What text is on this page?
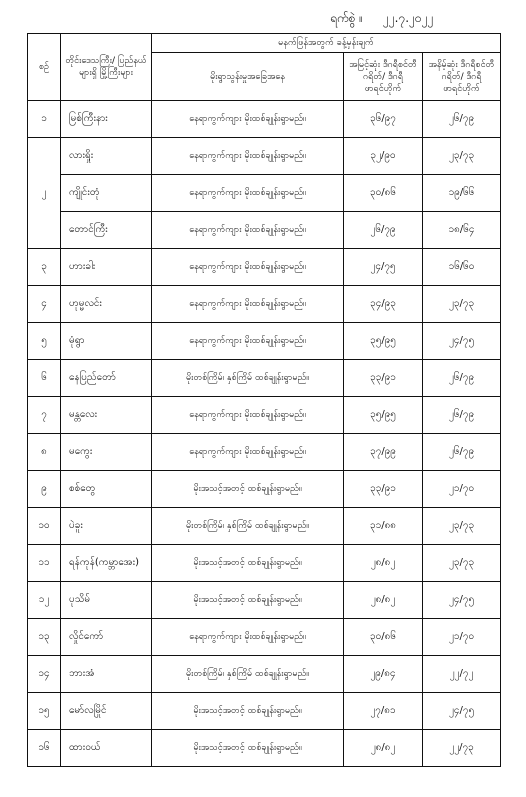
ရက်စွဲ ။ ၂၂.၇.၂၀၂၂
စဉ်	တိုင်းဒေသကြီး/ ပြည်နယ်များရှိ မြို့ကြီးများ	မနက်ဖြန်အတွက် ခန့်မှန်းချက်		
		မိုးရွာသွန်းမှုအခြေအနေ	အမြင့်ဆုံး ဒီဂရီစင်တီဂရိတ်/ ဒီဂရီဖာရင်ဟိုက်	အနိမ့်ဆုံး ဒီဂရီစင်တီဂရိတ်/ ဒီဂရီဖာရင်ဟိုက်
၁	မြစ်ကြီးနား	နေရာကွက်ကျား မိုးထစ်ချုန်းရွာမည်။	၃၆/၉၇	၂၆/၇၉
၂	လားရှိုး	နေရာကွက်ကျား မိုးထစ်ချုန်းရွာမည်။	၃၂/၉၀	၂၃/၇၃
	ကျိုင်းတုံ	နေရာကွက်ကျား မိုးထစ်ချုန်းရွာမည်။	၃၀/၈၆	၁၉/၆၆
	တောင်ကြီး	နေရာကွက်ကျား မိုးထစ်ချုန်းရွာမည်။	၂၆/၇၉	၁၈/၆၄
၃	ဟားခါး	နေရာကွက်ကျား မိုးထစ်ချုန်းရွာမည်။	၂၄/၇၅	၁၆/၆၀
၄	ဟုမ္မလင်း	နေရာကွက်ကျား မိုးထစ်ချုန်းရွာမည်။	၃၄/၉၃	၂၃/၇၃
၅	မုံရွာ	နေရာကွက်ကျား မိုးထစ်ချုန်းရွာမည်။	၃၅/၉၅	၂၄/၇၅
၆	နေပြည်တော်	မိုးတစ်ကြိမ်၊ နှစ်ကြိမ် ထစ်ချုန်းရွာမည်။	၃၃/၉၁	၂၆/၇၉
၇	မန္တလေး	နေရာကွက်ကျား မိုးထစ်ချုန်းရွာမည်။	၃၅/၉၅	၂၆/၇၉
၈	မကွေး	နေရာကွက်ကျား မိုးထစ်ချုန်းရွာမည်။	၃၇/၉၉	၂၆/၇၉
၉	စစ်တွေ	မိုးအသင့်အတင့် ထစ်ချုန်းရွာမည်။	၃၃/၉၁	၂၁/၇၀
၁၀	ပဲခူး	မိုးတစ်ကြိမ်၊ နှစ်ကြိမ် ထစ်ချုန်းရွာမည်။	၃၁/၈၈	၂၃/၇၃
၁၁	ရန်ကုန်(ကမ္ဘာအေး)	မိုးအသင့်အတင့် ထစ်ချုန်းရွာမည်။	၂၈/၈၂	၂၃/၇၃
၁၂	ပုသိမ်	မိုးအသင့်အတင့် ထစ်ချုန်းရွာမည်။	၂၈/၈၂	၂၄/၇၅
၁၃	လှိုင်ကော်	နေရာကွက်ကျား မိုးထစ်ချုန်းရွာမည်။	၃၀/၈၆	၂၁/၇၀
၁၄	ဘားအံ	မိုးတစ်ကြိမ်၊ နှစ်ကြိမ် ထစ်ချုန်းရွာမည်။	၂၉/၈၄	၂၂/၇၂
၁၅	မော်လမြိုင်	မိုးအသင့်အတင့် ထစ်ချုန်းရွာမည်။	၂၇/၈၁	၂၄/၇၅
၁၆	ထားဝယ်	မိုးအသင့်အတင့် ထစ်ချုန်းရွာမည်။	၂၈/၈၂	၂၂/၇၃
